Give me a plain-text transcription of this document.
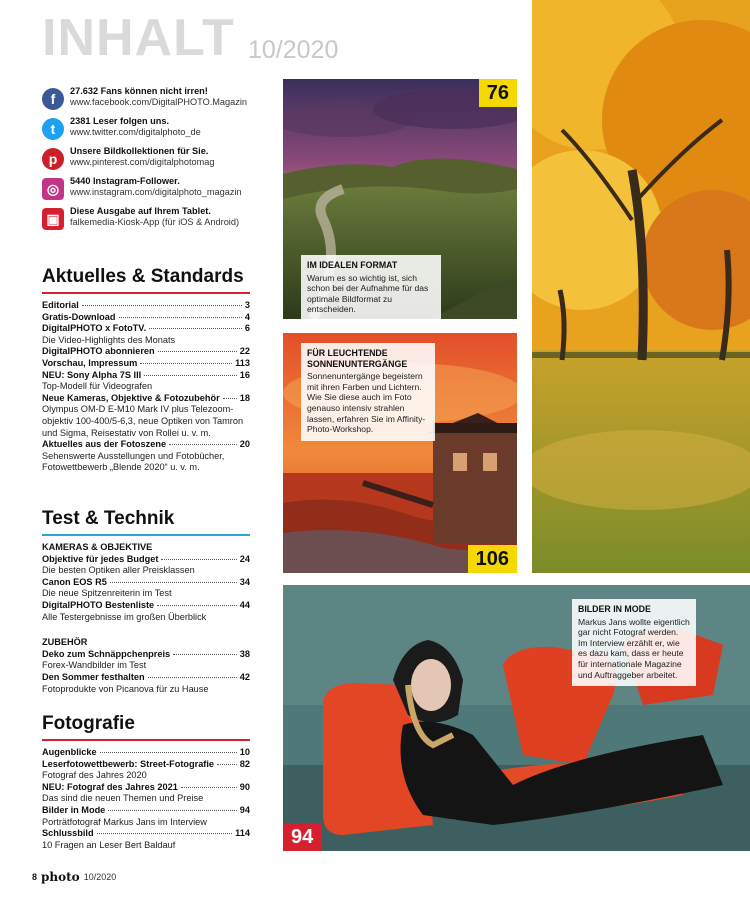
INHALT 10/2020
f	27.632 Fans können nicht irren!
www.facebook.com/DigitalPHOTO.Magazin
t	2381 Leser folgen uns.
www.twitter.com/digitalphoto_de
p	Unsere Bildkollektionen für Sie.
www.pinterest.com/digitalphotomag
◎	5440 Instagram-Follower.
www.instagram.com/digitalphoto_magazin
▣	Diese Ausgabe auf Ihrem Tablet.
falkemedia-Kiosk-App (für iOS & Android)
Aktuelles & Standards
Editorial	3
Gratis-Download	4
DigitalPHOTO x FotoTV.	6
Die Video-Highlights des Monats
DigitalPHOTO abonnieren	22
Vorschau, Impressum	113
NEU: Sony Alpha 7S III	16
Top-Modell für Videografen
Neue Kameras, Objektive & Fotozubehör 18
Olympus OM-D E-M10 Mark IV plus Telezoom-objektiv 100-400/5-6,3, neue Optiken von Tamron und Sigma, Reisestativ von Rollei u. v. m.
Aktuelles aus der Fotoszene	20
Sehenswerte Ausstellungen und Fotobücher, Fotowettbewerb „Blende 2020“ u. v. m.
Test & Technik
KAMERAS & OBJEKTIVE
Objektive für jedes Budget	24
Die besten Optiken aller Preisklassen
Canon EOS R5	34
Die neue Spitzenreiterin im Test
DigitalPHOTO Bestenliste	44
Alle Testergebnisse im großen Überblick
ZUBEHÖR
Deko zum Schnäppchenpreis	38
Forex-Wandbilder im Test
Den Sommer festhalten	42
Fotoprodukte von Picanova für zu Hause
Fotografie
Augenblicke	10
Leserfotowettbewerb: Street-Fotografie	82
Fotograf des Jahres 2020
NEU: Fotograf des Jahres 2021	90
Das sind die neuen Themen und Preise
Bilder in Mode	94
Porträtfotograf Markus Jans im Interview
Schlussbild	114
10 Fragen an Leser Bert Baldauf
8 photo 10/2020
76
IM IDEALEN FORMAT
Warum es so wichtig ist, sich schon bei der Aufnahme für das optimale Bildformat zu entscheiden.
FÜR LEUCHTENDE SONNENUNTERGÄNGE
Sonnenuntergänge begeistern mit ihren Farben und Lichtern. Wie Sie diese auch im Foto genauso intensiv strahlen lassen, erfahren Sie im Affinity-Photo-Workshop.
106
BILDER IN MODE
Markus Jans wollte eigentlich gar nicht Fotograf werden. Im Interview erzählt er, wie es dazu kam, dass er heute für internationale Magazine und Auftraggeber arbeitet.
94
